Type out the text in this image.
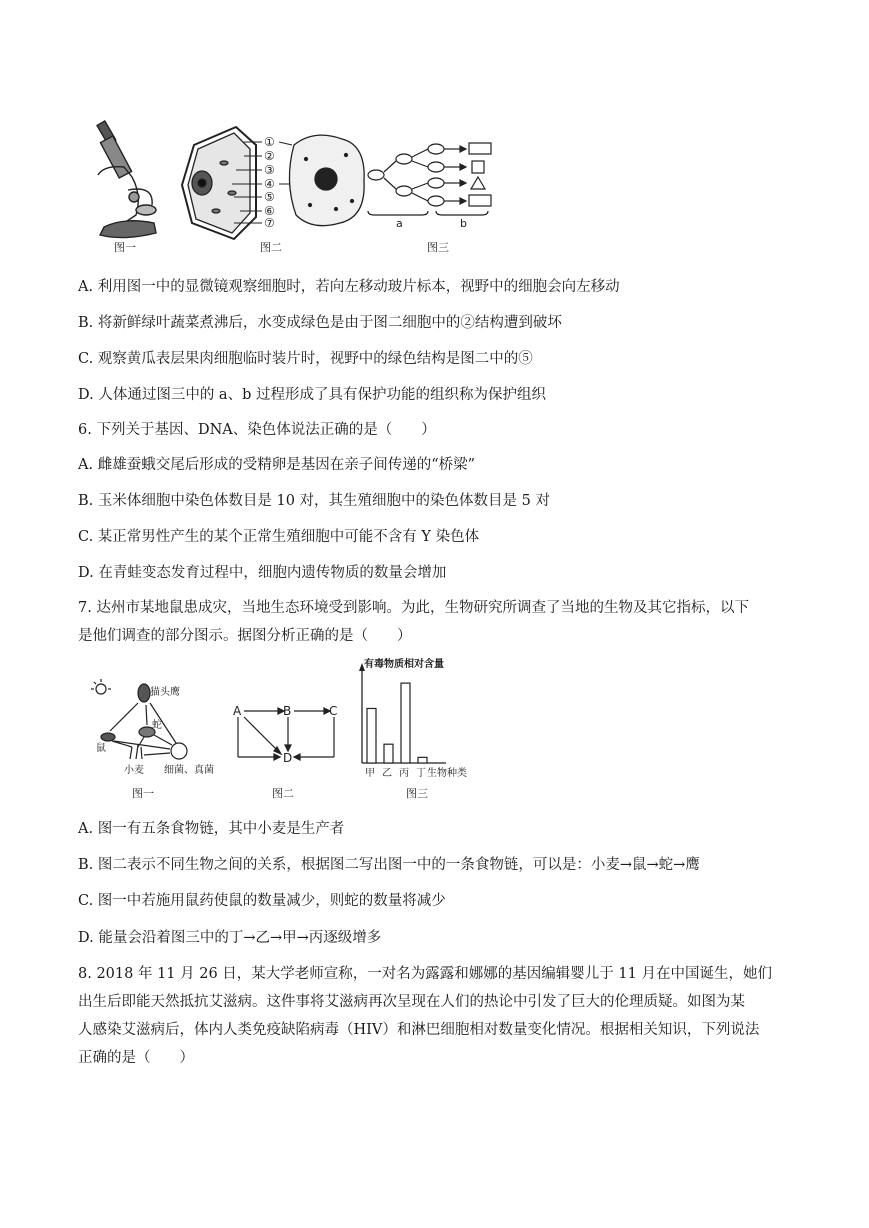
①
②
③
④
⑤
⑥
⑦	a	b
图一	图二	图三
A. 利用图一中的显微镜观察细胞时，若向左移动玻片标本，视野中的细胞会向左移动
B. 将新鲜绿叶蔬菜煮沸后，水变成绿色是由于图二细胞中的②结构遭到破坏
C. 观察黄瓜表层果肉细胞临时装片时，视野中的绿色结构是图二中的⑤
D. 人体通过图三中的 a、b 过程形成了具有保护功能的组织称为保护组织
6. 下列关于基因、DNA、染色体说法正确的是（　　）
A. 雌雄蚕蛾交尾后形成的受精卵是基因在亲子间传递的“桥梁”
B. 玉米体细胞中染色体数目是 10 对，其生殖细胞中的染色体数目是 5 对
C. 某正常男性产生的某个正常生殖细胞中可能不含有 Y 染色体
D. 在青蛙变态发育过程中，细胞内遗传物质的数量会增加
7. 达州市某地鼠患成灾，当地生态环境受到影响。为此，生物研究所调查了当地的生物及其它指标，以下
是他们调查的部分图示。据图分析正确的是（　　）
猫头鹰
蛇
鼠
小麦 细菌、真菌
图一
A	B	C
D
图二
有毒物质相对含量
甲 乙 丙 丁 生物种类
图三
A. 图一有五条食物链，其中小麦是生产者
B. 图二表示不同生物之间的关系，根据图二写出图一中的一条食物链，可以是：小麦→鼠→蛇→鹰
C. 图一中若施用鼠药使鼠的数量减少，则蛇的数量将减少
D. 能量会沿着图三中的丁→乙→甲→丙逐级增多
8. 2018 年 11 月 26 日，某大学老师宣称，一对名为露露和娜娜的基因编辑婴儿于 11 月在中国诞生，她们
出生后即能天然抵抗艾滋病。这件事将艾滋病再次呈现在人们的热论中引发了巨大的伦理质疑。如图为某
人感染艾滋病后，体内人类免疫缺陷病毒（HIV）和淋巴细胞相对数量变化情况。根据相关知识，下列说法
正确的是（　　）
